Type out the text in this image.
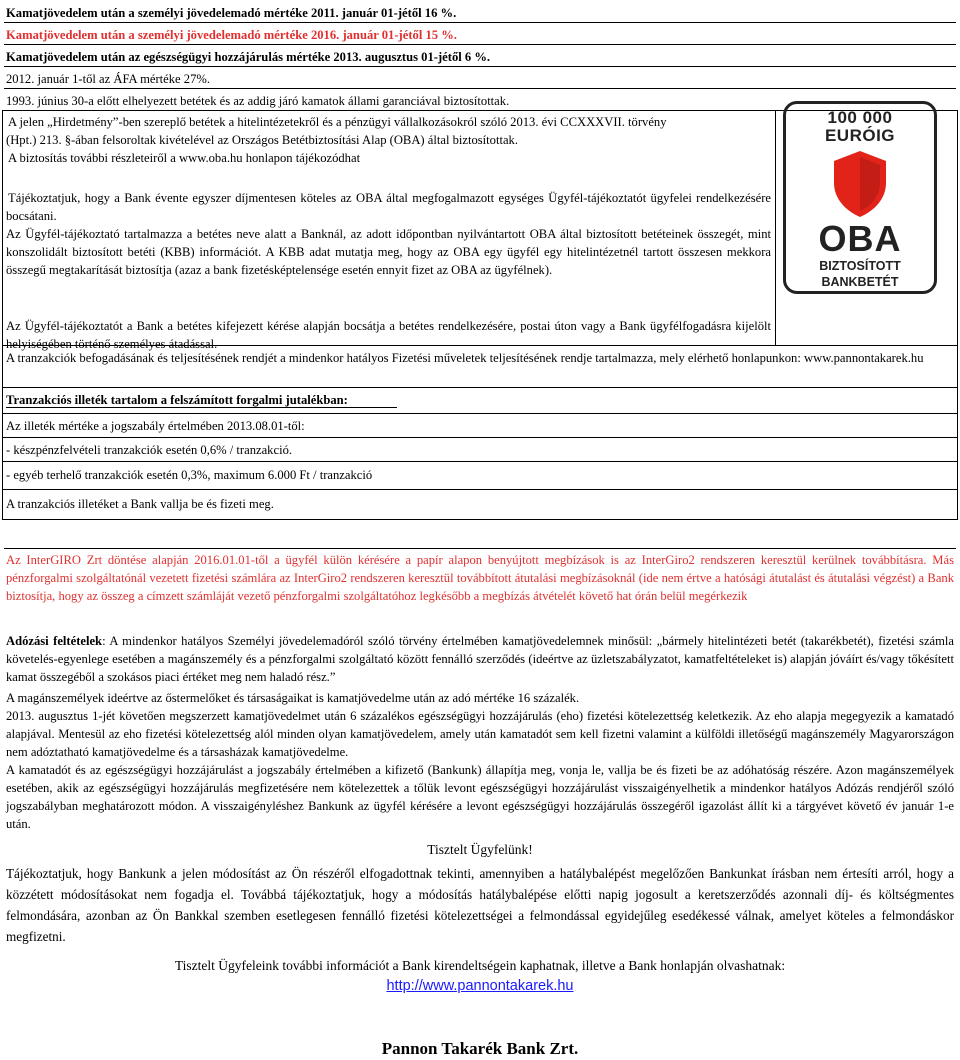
Kamatjövedelem után a személyi jövedelemadó mértéke 2011. január 01-jétől 16 %.
Kamatjövedelem után a személyi jövedelemadó mértéke 2016. január 01-jétől 15 %.
Kamatjövedelem után az egészségügyi hozzájárulás mértéke 2013. augusztus 01-jétől 6 %.
2012. január 1-től az ÁFA mértéke 27%.
1993. június 30-a előtt elhelyezett betétek és az addig járó kamatok állami garanciával biztosítottak.
A jelen „Hirdetmény”-ben szereplő betétek a hitelintézetekről és a pénzügyi vállalkozásokról szóló 2013. évi CCXXXVII. törvény
(Hpt.) 213. §-ában felsoroltak kivételével az Országos Betétbiztosítási Alap (OBA) által biztosítottak.
A biztosítás további részleteiről a www.oba.hu honlapon tájékozódhat
Tájékoztatjuk, hogy a Bank évente egyszer díjmentesen köteles az OBA által megfogalmazott egységes Ügyfél-tájékoztatót ügyfelei rendelkezésére bocsátani.
Az Ügyfél-tájékoztató tartalmazza a betétes neve alatt a Banknál, az adott időpontban nyilvántartott OBA által biztosított betéteinek összegét, mint konszolidált biztosított betéti (KBB) információt. A KBB adat mutatja meg, hogy az OBA egy ügyfél egy hitelintézetnél tartott összesen mekkora összegű megtakarítását biztosítja (azaz a bank fizetésképtelensége esetén ennyit fizet az OBA az ügyfélnek).
Az Ügyfél-tájékoztatót a Bank a betétes kifejezett kérése alapján bocsátja a betétes rendelkezésére, postai úton vagy a Bank ügyfélfogadásra kijelölt helyiségében történő személyes átadással.
100 000
EURÓIG
OBA
BIZTOSÍTOTT
BANKBETÉT
A tranzakciók befogadásának és teljesítésének rendjét a mindenkor hatályos Fizetési műveletek teljesítésének rendje tartalmazza, mely elérhető honlapunkon: www.pannontakarek.hu
Tranzakciós illeték tartalom a felszámított forgalmi jutalékban:
Az illeték mértéke a jogszabály értelmében 2013.08.01-től:
- készpénzfelvételi tranzakciók esetén 0,6% / tranzakció.
- egyéb terhelő tranzakciók esetén 0,3%, maximum 6.000 Ft / tranzakció
A tranzakciós illetéket a Bank vallja be és fizeti meg.
Az InterGIRO Zrt döntése alapján 2016.01.01-től a ügyfél külön kérésére a papír alapon benyújtott megbízások is az InterGiro2 rendszeren keresztül kerülnek továbbításra. Más pénzforgalmi szolgáltatónál vezetett fizetési számlára az InterGiro2 rendszeren keresztül továbbított átutalási megbízásoknál (ide nem értve a hatósági átutalást és átutalási végzést) a Bank biztosítja, hogy az összeg a címzett számláját vezető pénzforgalmi szolgáltatóhoz legkésőbb a megbízás átvételét követő hat órán belül megérkezik
Adózási feltételek: A mindenkor hatályos Személyi jövedelemadóról szóló törvény értelmében kamatjövedelemnek minősül: „bármely hitelintézeti betét (takarékbetét), fizetési számla követelés-egyenlege esetében a magánszemély és a pénzforgalmi szolgáltató között fennálló szerződés (ideértve az üzletszabályzatot, kamatfeltételeket is) alapján jóváírt és/vagy tőkésített kamat összegéből a szokásos piaci értéket meg nem haladó rész.”
A magánszemélyek ideértve az őstermelőket és társaságaikat is kamatjövedelme után az adó mértéke 16 százalék.
2013. augusztus 1-jét követően megszerzett kamatjövedelmet után 6 százalékos egészségügyi hozzájárulás (eho) fizetési kötelezettség keletkezik. Az eho alapja megegyezik a kamatadó alapjával. Mentesül az eho fizetési kötelezettség alól minden olyan kamatjövedelem, amely után kamatadót sem kell fizetni valamint a külföldi illetőségű magánszemély Magyarországon nem adóztatható kamatjövedelme és a társasházak kamatjövedelme.
A kamatadót és az egészségügyi hozzájárulást a jogszabály értelmében a kifizető (Bankunk) állapítja meg, vonja le, vallja be és fizeti be az adóhatóság részére. Azon magánszemélyek esetében, akik az egészségügyi hozzájárulás megfizetésére nem kötelezettek a tőlük levont egészségügyi hozzájárulást visszaigényelhetik a mindenkor hatályos Adózás rendjéről szóló jogszabályban meghatározott módon. A visszaigényléshez Bankunk az ügyfél kérésére a levont egészségügyi hozzájárulás összegéről igazolást állít ki a tárgyévet követő év január 1-e után.
Tisztelt Ügyfelünk!
Tájékoztatjuk, hogy Bankunk a jelen módosítást az Ön részéről elfogadottnak tekinti, amennyiben a hatálybalépést megelőzően Bankunkat írásban nem értesíti arról, hogy a közzétett módosításokat nem fogadja el. Továbbá tájékoztatjuk, hogy a módosítás hatálybalépése előtti napig jogosult a keretszerződés azonnali díj- és költségmentes felmondására, azonban az Ön Bankkal szemben esetlegesen fennálló fizetési kötelezettségei a felmondással egyidejűleg esedékessé válnak, amelyet köteles a felmondáskor megfizetni.
Tisztelt Ügyfeleink további információt a Bank kirendeltségein kaphatnak, illetve a Bank honlapján olvashatnak:
http://www.pannontakarek.hu
Pannon Takarék Bank Zrt.
